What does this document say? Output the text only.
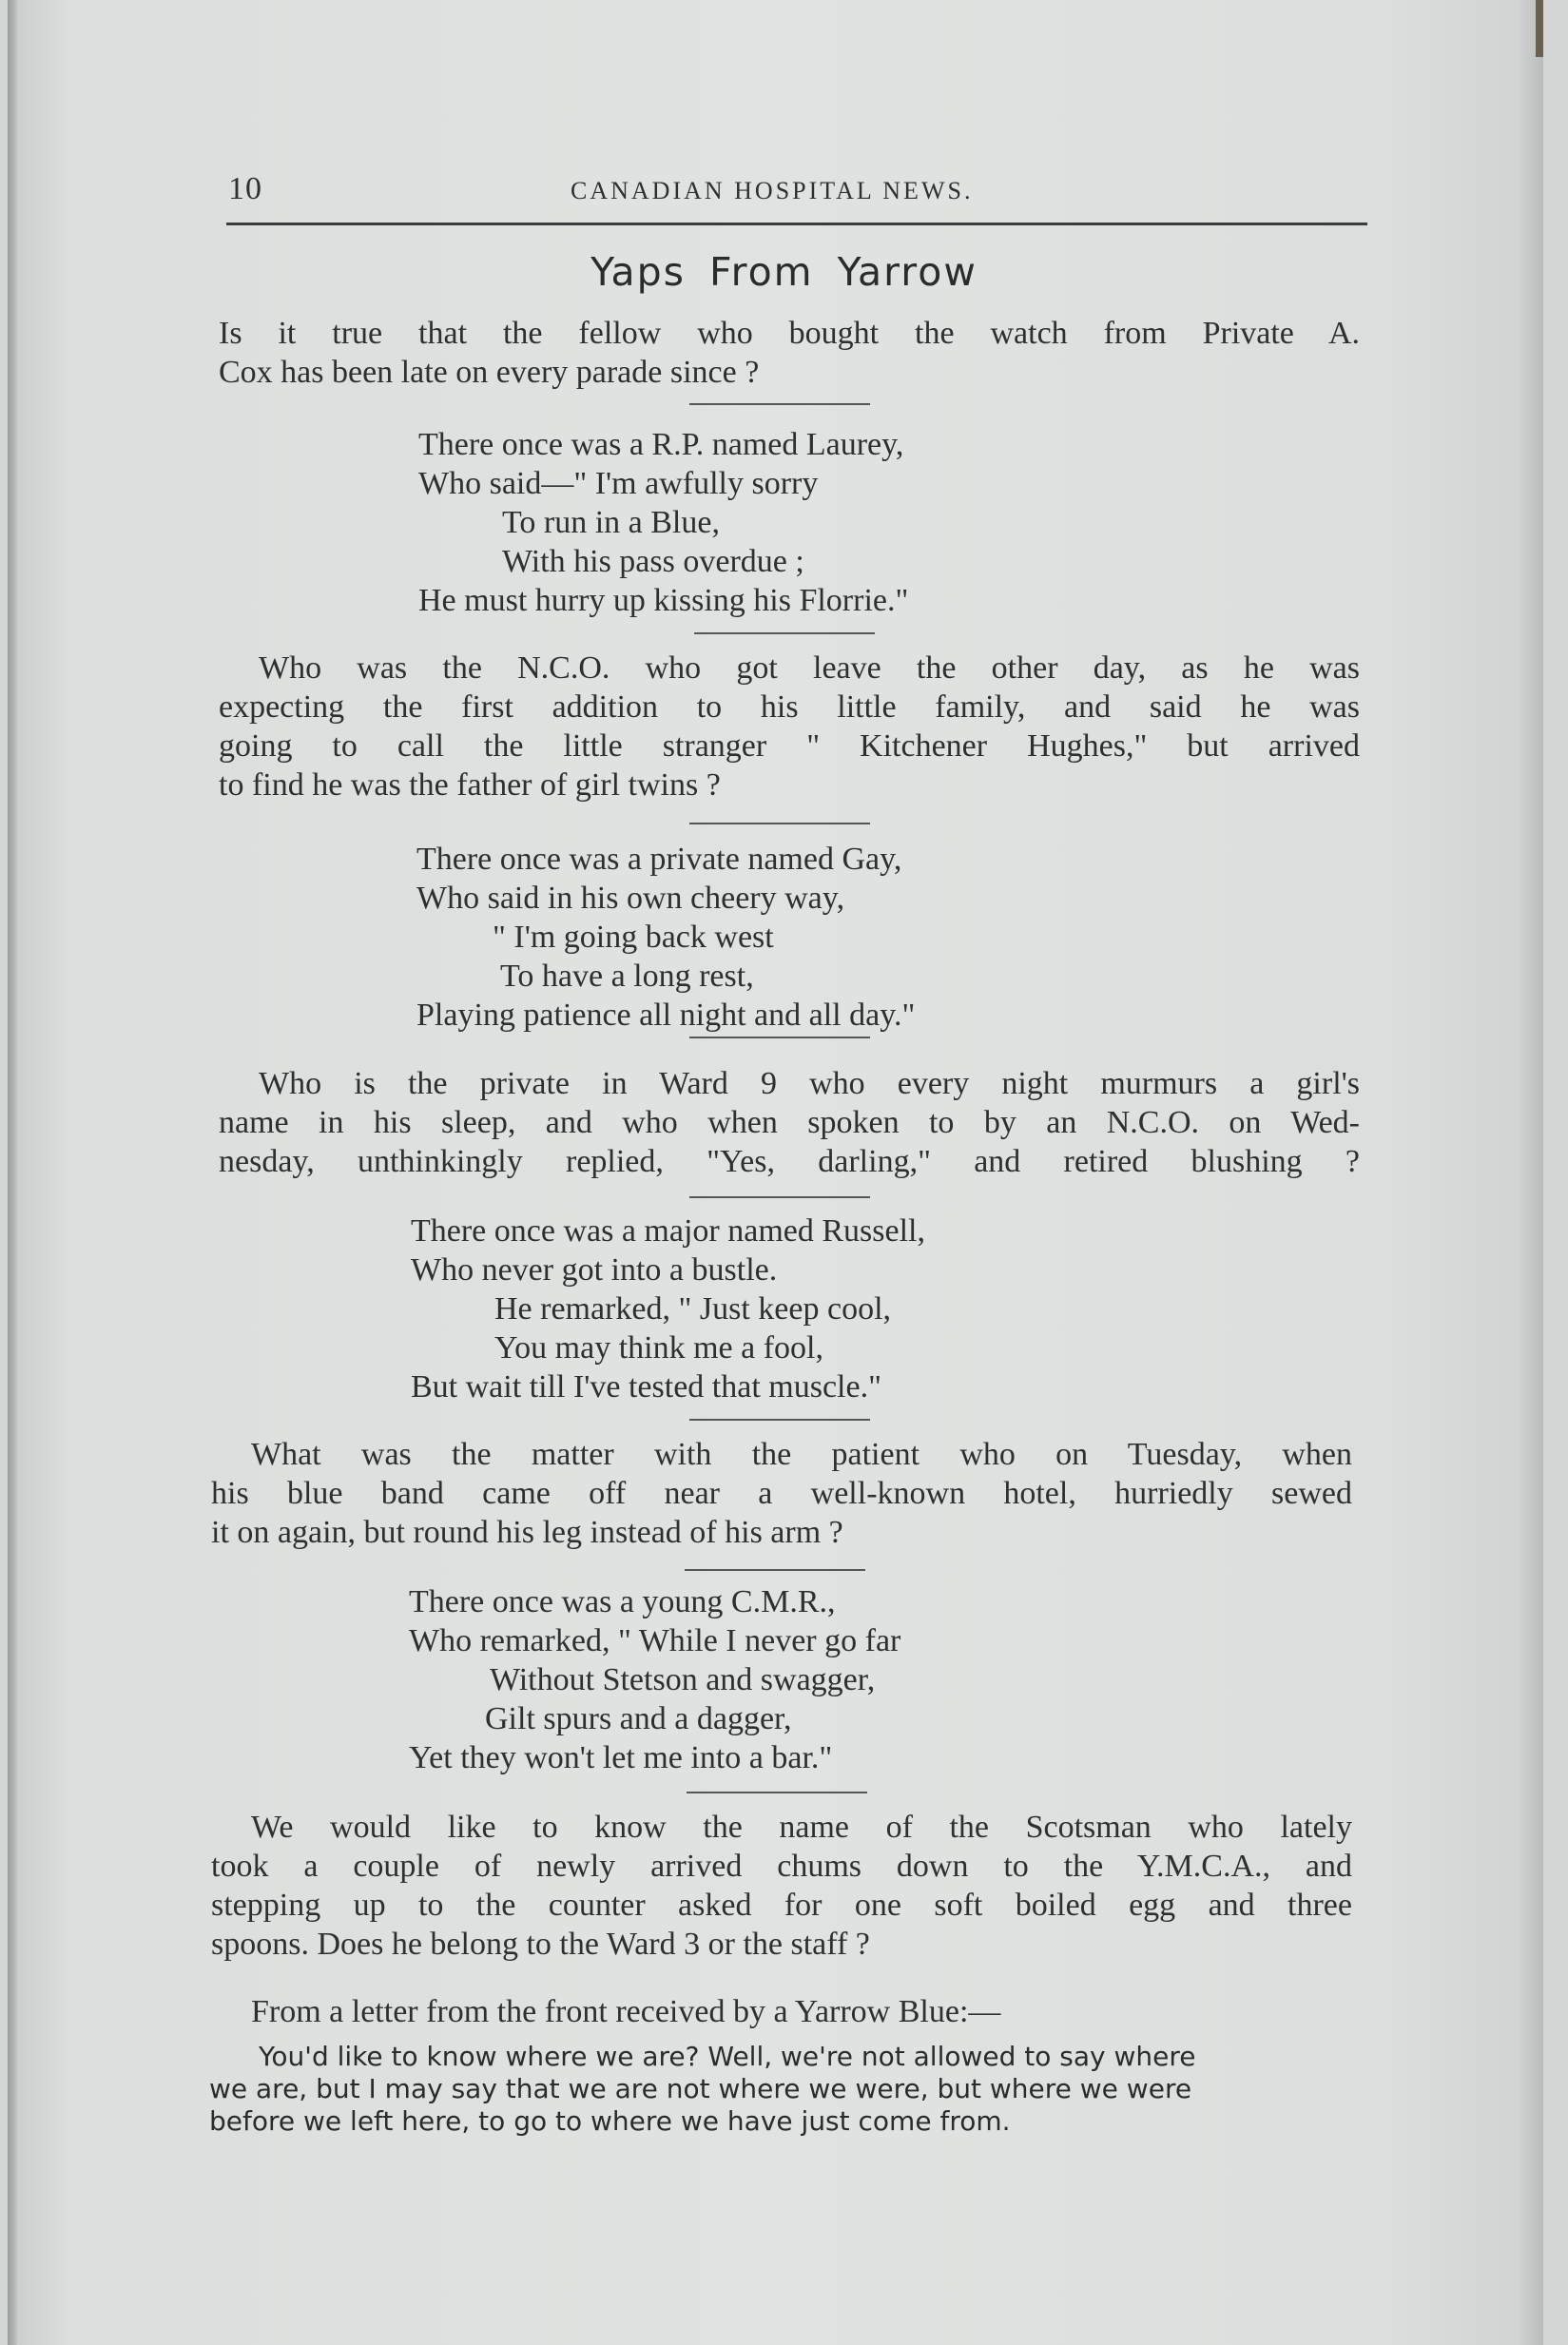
10	CANADIAN HOSPITAL NEWS.
Yaps From Yarrow
Is it true that the fellow who bought the watch from Private A.
Cox has been late on every parade since ?
There once was a R.P. named Laurey,
Who said—" I'm awfully sorry
To run in a Blue,
With his pass overdue ;
He must hurry up kissing his Florrie."
Who was the N.C.O. who got leave the other day, as he was
expecting the first addition to his little family, and said he was
going to call the little stranger " Kitchener Hughes," but arrived
to find he was the father of girl twins ?
There once was a private named Gay,
Who said in his own cheery way,
" I'm going back west
To have a long rest,
Playing patience all night and all day."
Who is the private in Ward 9 who every night murmurs a girl's
name in his sleep, and who when spoken to by an N.C.O. on Wed-
nesday, unthinkingly replied, "Yes, darling," and retired blushing ?
There once was a major named Russell,
Who never got into a bustle.
He remarked, " Just keep cool,
You may think me a fool,
But wait till I've tested that muscle."
What was the matter with the patient who on Tuesday, when
his blue band came off near a well-known hotel, hurriedly sewed
it on again, but round his leg instead of his arm ?
There once was a young C.M.R.,
Who remarked, " While I never go far
Without Stetson and swagger,
Gilt spurs and a dagger,
Yet they won't let me into a bar."
We would like to know the name of the Scotsman who lately
took a couple of newly arrived chums down to the Y.M.C.A., and
stepping up to the counter asked for one soft boiled egg and three
spoons. Does he belong to the Ward 3 or the staff ?
From a letter from the front received by a Yarrow Blue:—
You'd like to know where we are? Well, we're not allowed to say where
we are, but I may say that we are not where we were, but where we were
before we left here, to go to where we have just come from.
